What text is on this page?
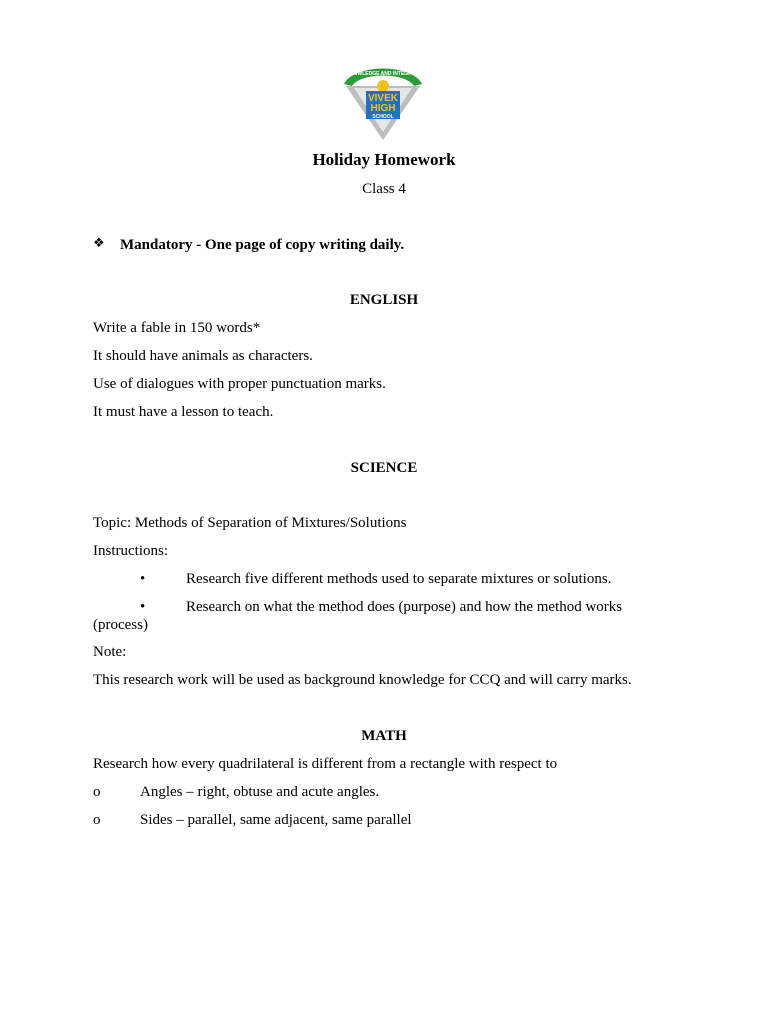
KNOWLEDGE AND INTEGRITY
VIVEK
HIGH
SCHOOL
Holiday Homework
Class 4
❖ Mandatory - One page of copy writing daily.
ENGLISH
Write a fable in 150 words*
It should have animals as characters.
Use of dialogues with proper punctuation marks.
It must have a lesson to teach.
SCIENCE
Topic: Methods of Separation of Mixtures/Solutions
Instructions:
•	Research five different methods used to separate mixtures or solutions.
•	Research on what the method does (purpose) and how the method works
(process)
Note:
This research work will be used as background knowledge for CCQ and will carry marks.
MATH
Research how every quadrilateral is different from a rectangle with respect to
o	Angles – right, obtuse and acute angles.
o	Sides – parallel, same adjacent, same parallel
